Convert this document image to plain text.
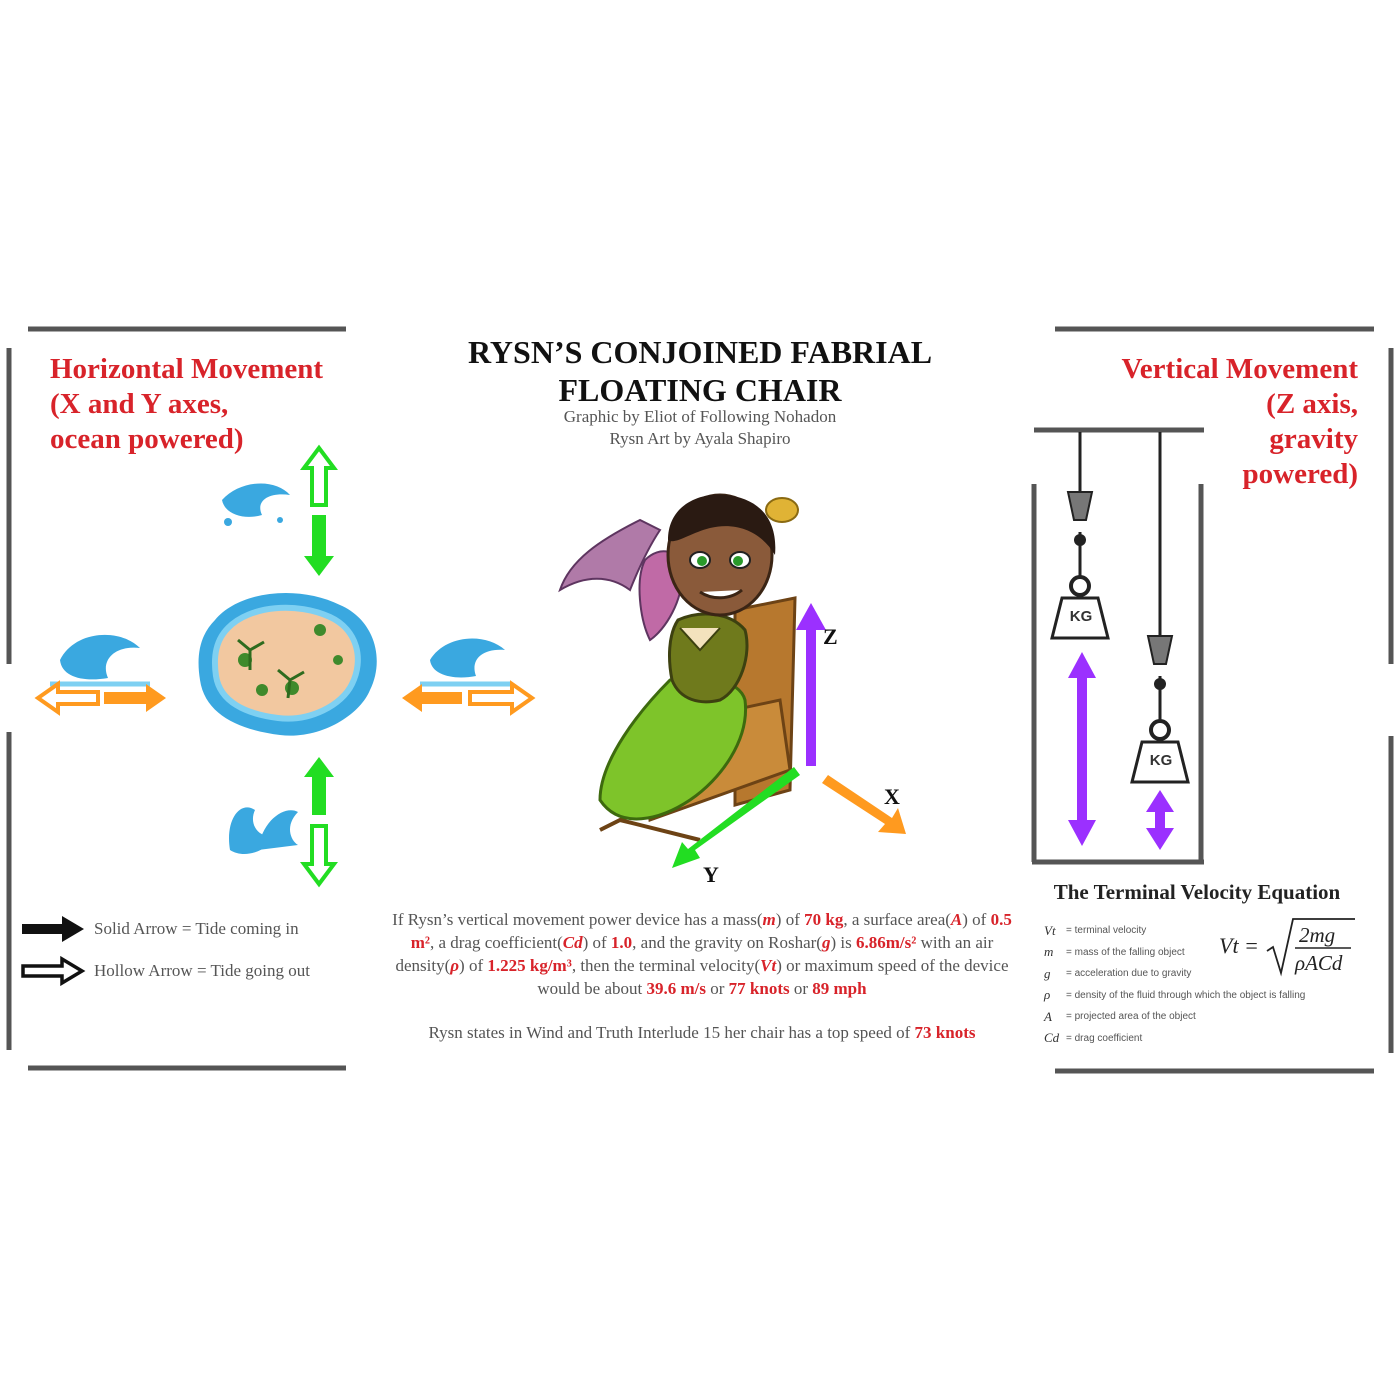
RYSN’S CONJOINED FABRIAL
FLOATING CHAIR
Graphic by Eliot of Following Nohadon
Rysn Art by Ayala Shapiro
Horizontal Movement
(X and Y axes,
ocean powered)
Vertical Movement
(Z axis,
gravity
powered)
Z
X
Y
KG
KG
Solid Arrow = Tide coming in
Hollow Arrow = Tide going out
If Rysn’s vertical movement power device has a mass(m) of 70 kg, a surface area(A) of 0.5 m², a drag coefficient(Cd) of 1.0, and the gravity on Roshar(g) is 6.86m/s² with an air density(ρ) of 1.225 kg/m³, then the terminal velocity(Vt) or maximum speed of the device would be about 39.6 m/s or 77 knots or 89 mph
Rysn states in Wind and Truth Interlude 15 her chair has a top speed of 73 knots
The Terminal Velocity Equation
Vt	= terminal velocity
m	= mass of the falling object
g	= acceleration due to gravity
ρ	= density of the fluid through which the object is falling
A	= projected area of the object
Cd = drag coefficient
Vt = 2mg
ρACd
